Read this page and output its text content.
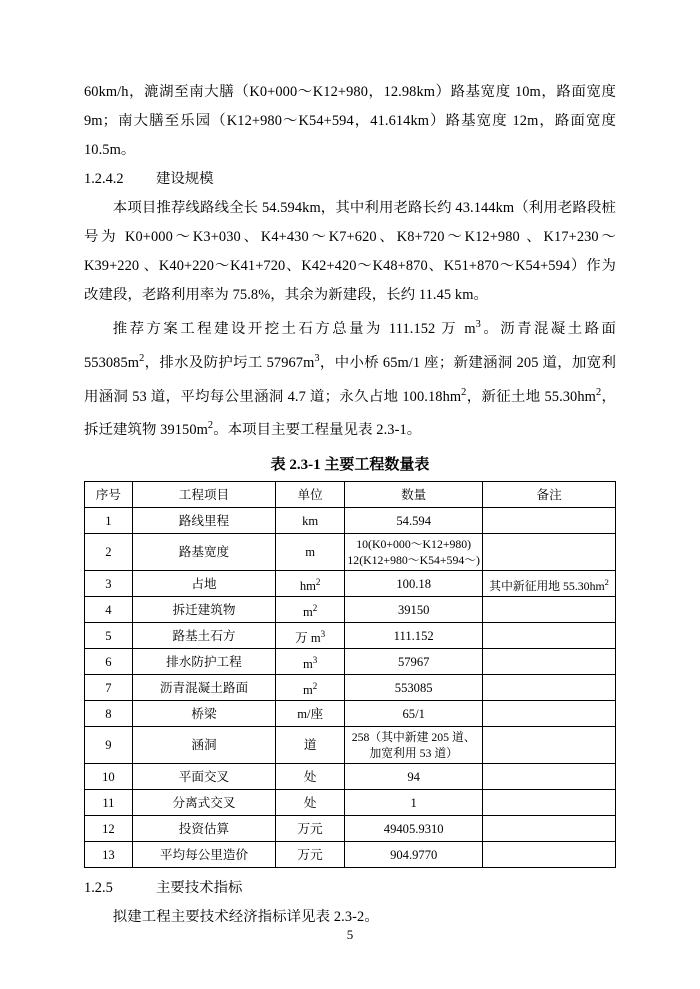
60km/h，漉湖至南大膳（K0+000～K12+980，12.98km）路基宽度 10m，路面宽度 9m；南大膳至乐园（K12+980～K54+594，41.614km）路基宽度 12m，路面宽度 10.5m。

1.2.4.2 建设规模

本项目推荐线路线全长 54.594km，其中利用老路长约 43.144km（利用老路段桩号为 K0+000～K3+030、K4+430～K7+620、K8+720～K12+980 、K17+230～K39+220 、K40+220～K41+720、K42+420～K48+870、K51+870～K54+594）作为改建段，老路利用率为 75.8%，其余为新建段，长约 11.45 km。

推荐方案工程建设开挖土石方总量为 111.152 万 $m^3$。沥青混凝土路面 $553085m^2$，排水及防护圬工 $57967m^3$，中小桥 65m/1 座；新建涵洞 205 道，加宽利用涵洞 53 道，平均每公里涵洞 4.7 道；永久占地 $100.18hm^2$，新征土地 $55.30hm^2$，拆迁建筑物 $39150m^2$。本项目主要工程量见表 2.3-1。

表 2.3-1 主要工程数量表
序号	工程项目	单位	数量	备注
1	路线里程	km	54.594	
2	路基宽度	m	10(K0+000～K12+980)
12(K12+980～K54+594～)	

3	占地	$hm^2$	100.18	其中新征用地 $55.30hm^2$
4	拆迁建筑物	$m^2$	39150	
5	路基土石方	万 $m^3$	111.152	
6	排水防护工程	$m^3$	57967	
7	沥青混凝土路面	$m^2$	553085	
8	桥梁	m/座	65/1	
9	涵洞	道	258（其中新建 205 道、
加宽利用 53 道）	

10	平面交叉	处	94	
11	分离式交叉	处	1	
12	投资估算	万元	49405.9310	
13	平均每公里造价	万元	904.9770	
1.2.5	主要技术指标

拟建工程主要技术经济指标详见表 2.3-2。

5
